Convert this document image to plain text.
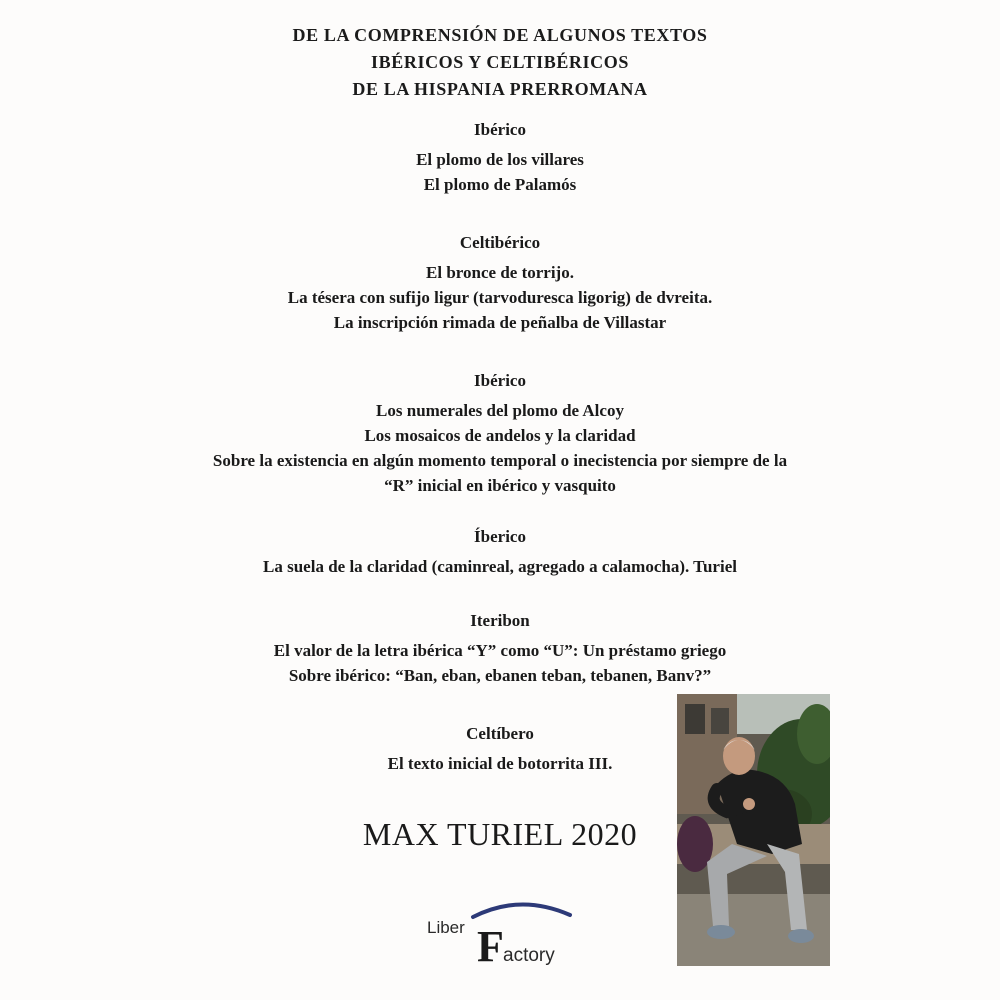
DE LA COMPRENSIÓN DE ALGUNOS TEXTOS
IBÉRICOS Y CELTIBÉRICOS
DE LA HISPANIA PRERROMANA
Ibérico
El plomo de los villares
El plomo de Palamós
Celtibérico
El bronce de torrijo.
La tésera con sufijo ligur (tarvoduresca ligorig) de dvreita.
La inscripción rimada de peñalba de Villastar
Ibérico
Los numerales del plomo de Alcoy
Los mosaicos de andelos y la claridad
Sobre la existencia en algún momento temporal o inecistencia por siempre de la
“R” inicial en ibérico y vasquito
Íberico
La suela de la claridad (caminreal, agregado a calamocha). Turiel
Iteribon
El valor de la letra ibérica “Y” como “U”: Un préstamo griego
Sobre ibérico: “Ban, eban, ebanen teban, tebanen, Banv?”
Celtíbero
El texto inicial de botorrita III.
MAX TURIEL 2020
Liber F actory
